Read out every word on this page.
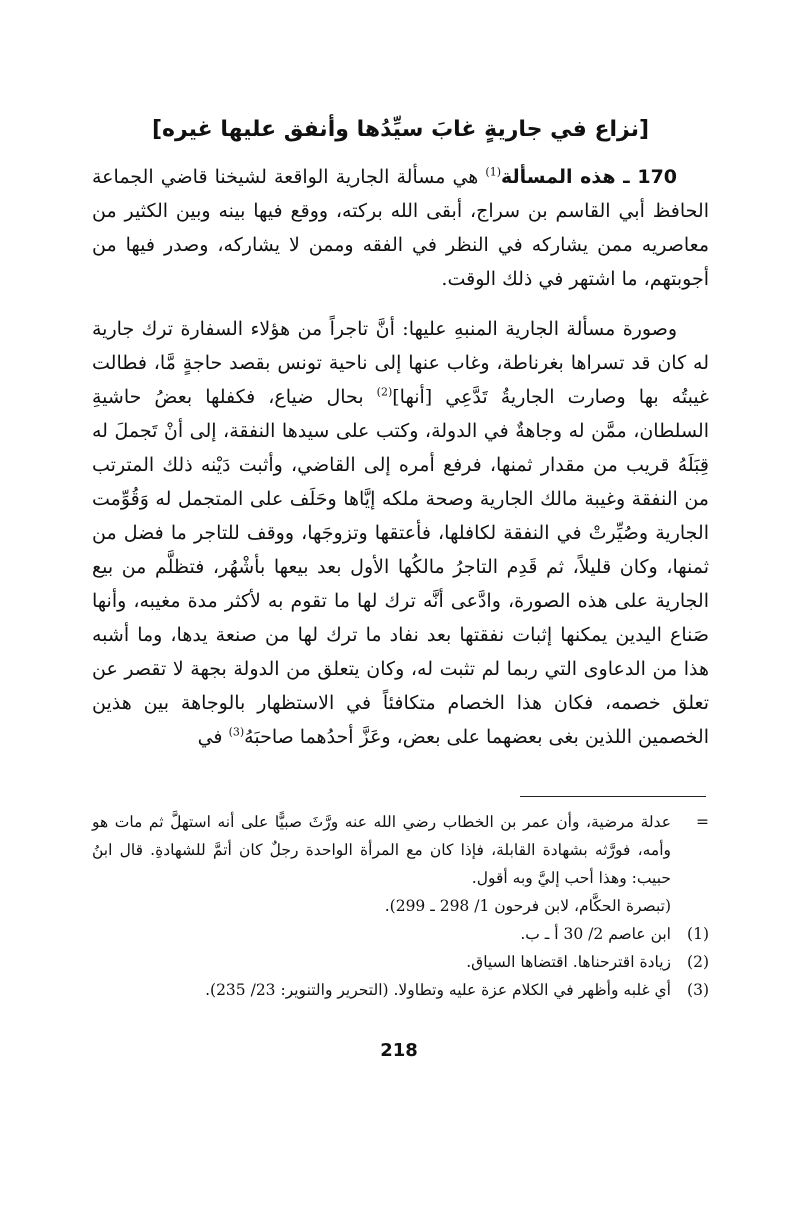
[نزاع في جاريةٍ غابَ سيِّدُها وأنفق عليها غيره]

170 ـ هذه المسألة$^{(1)}$ هي مسألة الجارية الواقعة لشيخنا قاضي الجماعة الحافظ أبي القاسم بن سراج، أبقى الله بركته، ووقع فيها بينه وبين الكثير من معاصريه ممن يشاركه في النظر في الفقه وممن لا يشاركه، وصدر فيها من أجوبتهم، ما اشتهر في ذلك الوقت.

وصورة مسألة الجارية المنبهِ عليها: أنَّ تاجراً من هؤلاء السفارة ترك جارية له كان قد تسراها بغرناطة، وغاب عنها إلى ناحية تونس بقصد حاجةٍ مَّا، فطالت غيبتُه بها وصارت الجاريةُ تَدَّعِي [أنها]$^{(2)}$ بحال ضياع، فكفلها بعضُ حاشيةِ السلطان، ممَّن له وجاهةٌ في الدولة، وكتب على سيدها النفقة، إلى أنْ تَجملَ له قِبَلَهُ قريب من مقدار ثمنها، فرفع أمره إلى القاضي، وأثبت دَيْنه ذلك المترتب من النفقة وغيبة مالك الجارية وصحة ملكه إيَّاها وحَلَف على المتجمل له وَقُوِّمت الجارية وصُيِّرتْ في النفقة لكافلها، فأعتقها وتزوجَها، ووقف للتاجر ما فضل من ثمنها، وكان قليلاً، ثم قَدِم التاجرُ مالكُها الأول بعد بيعها بأشْهُر، فتظلَّم من بيع الجارية على هذه الصورة، وادَّعى أنَّه ترك لها ما تقوم به لأكثر مدة مغيبه، وأنها صَناع اليدين يمكنها إثبات نفقتها بعد نفاد ما ترك لها من صنعة يدها، وما أشبه هذا من الدعاوى التي ربما لم تثبت له، وكان يتعلق من الدولة بجهة لا تقصر عن تعلق خصمه، فكان هذا الخصام متكافئاً في الاستظهار بالوجاهة بين هذين الخصمين اللذين بغى بعضهما على بعض، وعَزَّ أحدُهما صاحبَهُ$^{(3)}$ في

=
عدلة مرضية، وأن عمر بن الخطاب رضي الله عنه ورَّثَ صبيًّا على أنه استهلَّ ثم مات هو وأمه، فورَّثه بشهادة القابلة، فإذا كان مع المرأة الواحدة رجلٌ كان أتمَّ للشهادةِ. قال ابنُ حبيب: وهذا أحب إليَّ وبه أقول.
(تبصرة الحكَّام، لابن فرحون 1/ 298 ـ 299).
(1)
ابن عاصم 2/ 30 أ ـ ب.
(2)
زيادة اقترحناها. اقتضاها السياق.
(3)
أي غلبه وأظهر في الكلام عزة عليه وتطاولا. (التحرير والتنوير: 23/ 235).
218
